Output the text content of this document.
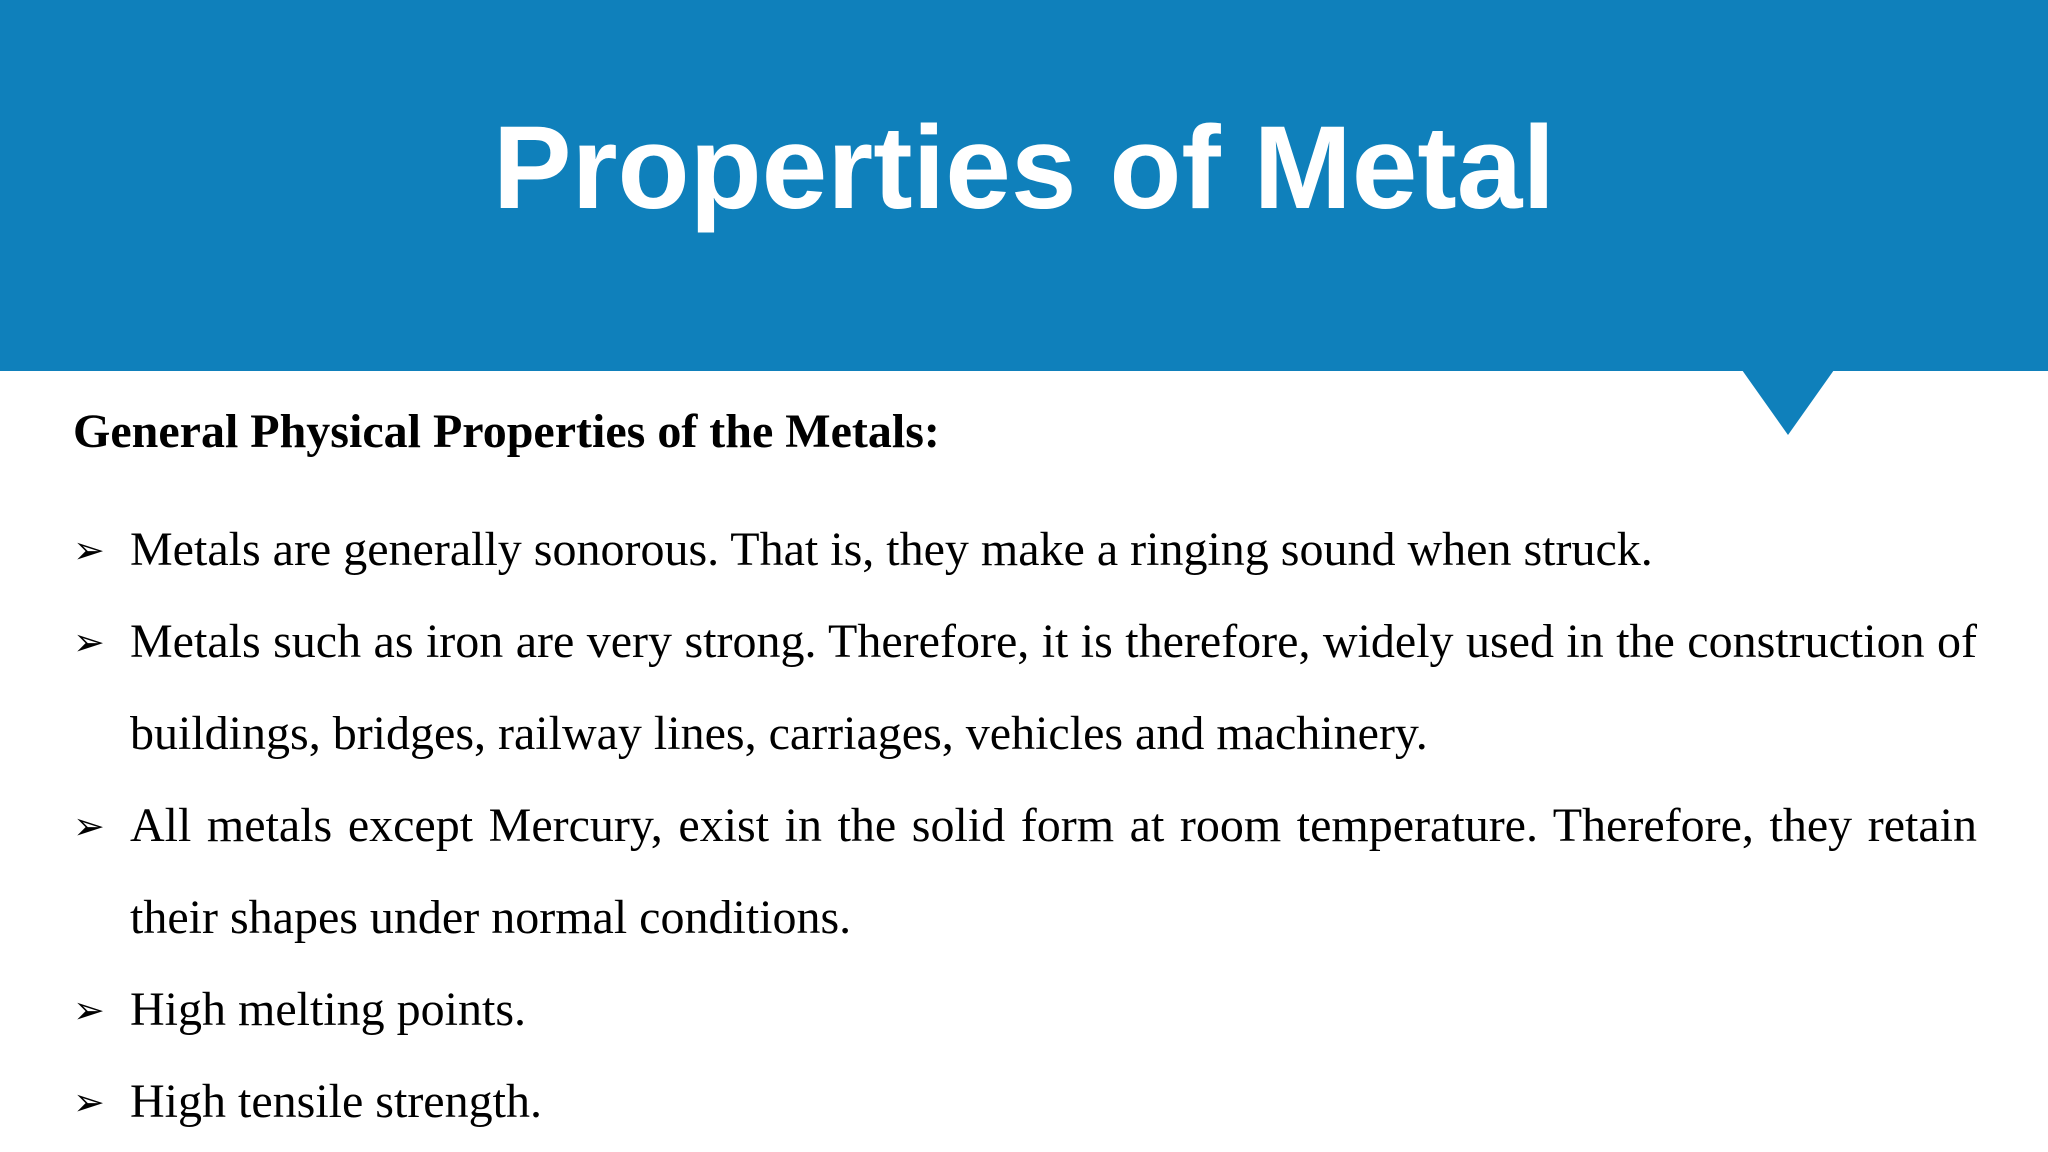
Properties of Metal
General Physical Properties of the Metals:
➢ Metals are generally sonorous. That is, they make a ringing sound when struck.
➢ Metals such as iron are very strong. Therefore, it is therefore, widely used in the construction of buildings, bridges, railway lines, carriages, vehicles and machinery.
➢ All metals except Mercury, exist in the solid form at room temperature. Therefore, they retain their shapes under normal conditions.
➢ High melting points.
➢ High tensile strength.
